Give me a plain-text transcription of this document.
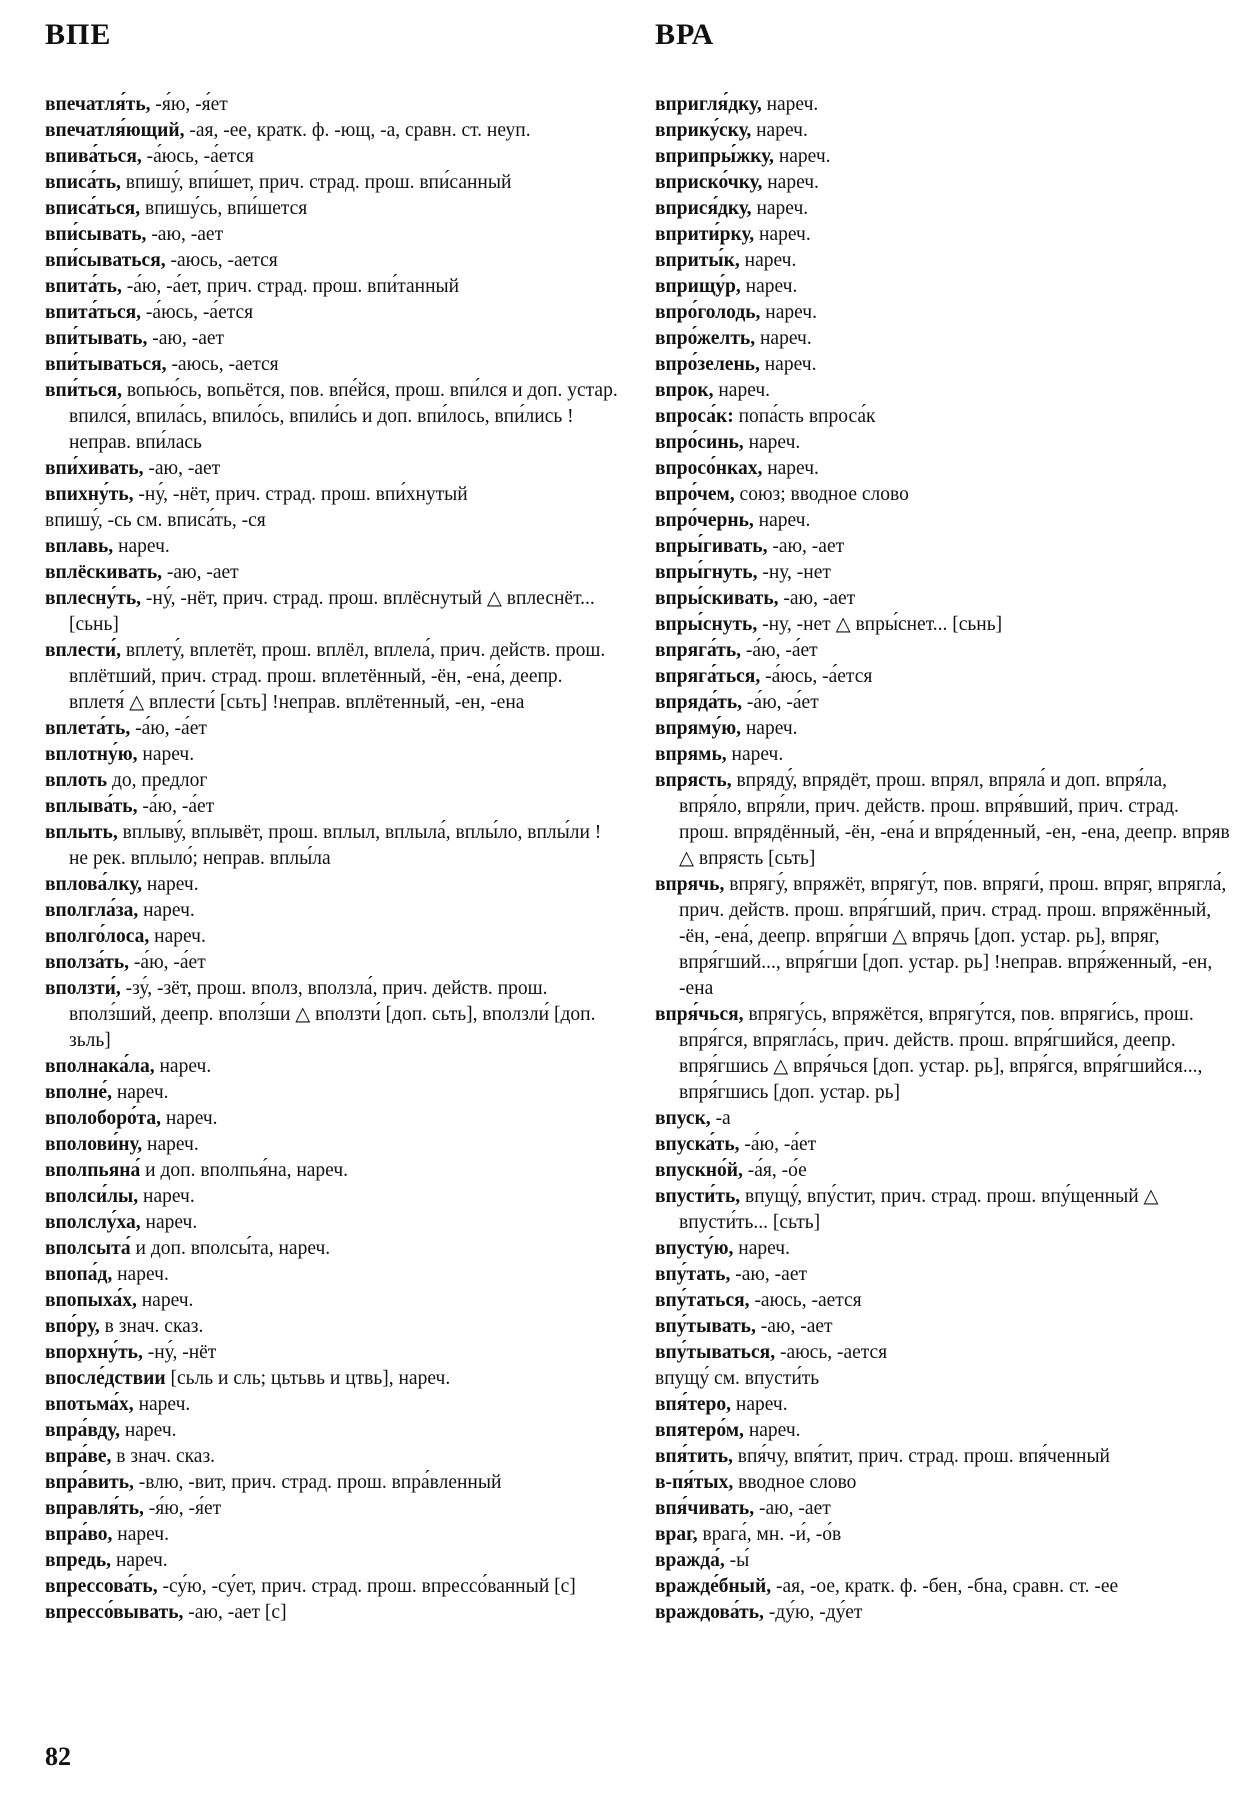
ВПЕ	ВРА

впечатля́ть, -я́ю, -я́ет

впечатля́ющий, -ая, -ее, кратк. ф. -ющ, -а, сравн. ст. неуп.

впива́ться, -а́юсь, -а́ется

вписа́ть, впишу́, впи́шет, прич. страд. прош. впи́санный

вписа́ться, впишу́сь, впи́шется

впи́сывать, -аю, -ает

впи́сываться, -аюсь, -ается

впита́ть, -а́ю, -а́ет, прич. страд. прош. впи́танный

впита́ться, -а́юсь, -а́ется

впи́тывать, -аю, -ает

впи́тываться, -аюсь, -ается

впи́ться, вопью́сь, вопьётся, пов. впе́йся, прош. впи́лся и доп. устар. впился́, впила́сь, впило́сь, впили́сь и доп. впи́лось, впи́лись !неправ. впи́лась

впи́хивать, -аю, -ает

впихну́ть, -ну́, -нёт, прич. страд. прош. впи́хнутый

впишу́, -сь см. вписа́ть, -ся

вплавь, нареч.

вплёскивать, -аю, -ает

вплесну́ть, -ну́, -нёт, прич. страд. прош. вплёснутый △ вплеснёт... [сьнь]

вплести́, вплету́, вплетёт, прош. вплёл, вплела́, прич. действ. прош. вплётший, прич. страд. прош. вплетённый, -ён, -ена́, деепр. вплетя́ △ вплести́ [сьть] !неправ. вплётенный, -ен, -ена

вплета́ть, -а́ю, -а́ет

вплотну́ю, нареч.

вплоть до, предлог

вплыва́ть, -а́ю, -а́ет

вплыть, вплыву́, вплывёт, прош. вплыл, вплыла́, вплы́ло, вплы́ли !не рек. вплыло́; неправ. вплы́ла

вплова́лку, нареч.

вполгла́за, нареч.

вполго́лоса, нареч.

вполза́ть, -а́ю, -а́ет

вползти́, -зу́, -зёт, прош. вполз, вползла́, прич. действ. прош. вполз́ший, деепр. вполз́ши △ вползти́ [доп. сьть], вползли́ [доп. зьль]

вполнака́ла, нареч.

вполне́, нареч.

вполоборо́та, нареч.

вполови́ну, нареч.

вполпьяна́ и доп. вполпья́на, нареч.

вполси́лы, нареч.

вполслу́ха, нареч.

вполсыта́ и доп. вполсы́та, нареч.

впопа́д, нареч.

впопыха́х, нареч.

впо́ру, в знач. сказ.

впорхну́ть, -ну́, -нёт

впосле́дствии [сьль и сль; цьтьвь и цтвь], нареч.

впотьма́х, нареч.

впра́вду, нареч.

впра́ве, в знач. сказ.

впра́вить, -влю, -вит, прич. страд. прош. впра́вленный

вправля́ть, -я́ю, -я́ет

впра́во, нареч.

впредь, нареч.

впрессова́ть, -су́ю, -су́ет, прич. страд. прош. впрессо́ванный [с]

впрессо́вывать, -аю, -ает [с]

впригля́дку, нареч.

вприку́ску, нареч.

вприпры́жку, нареч.

вприско́чку, нареч.

вприся́дку, нареч.

вприти́рку, нареч.

вприты́к, нареч.

вприщу́р, нареч.

впро́голодь, нареч.

впро́желть, нареч.

впро́зелень, нареч.

впрок, нареч.

впроса́к: попа́сть впроса́к

впро́синь, нареч.

впросо́нках, нареч.

впро́чем, союз; вводное слово

впро́чернь, нареч.

впры́гивать, -аю, -ает

впры́гнуть, -ну, -нет

впры́скивать, -аю, -ает

впры́снуть, -ну, -нет △ впры́снет... [сьнь]

впряга́ть, -а́ю, -а́ет

впряга́ться, -а́юсь, -а́ется

впряда́ть, -а́ю, -а́ет

впряму́ю, нареч.

впрямь, нареч.

впрясть, впряду́, впрядёт, прош. впрял, впряла́ и доп. впря́ла, впря́ло, впря́ли, прич. действ. прош. впря́вший, прич. страд. прош. впрядённый, -ён, -ена́ и впря́денный, -ен, -ена, деепр. впряв △ впрясть [сьть]

впрячь, впрягу́, впряжёт, впрягу́т, пов. впряги́, прош. впряг, впрягла́, прич. действ. прош. впря́гший, прич. страд. прош. впряжённый, -ён, -ена́, деепр. впря́гши △ впрячь [доп. устар. рь], впряг, впря́гший..., впря́гши [доп. устар. рь] !неправ. впря́женный, -ен, -ена

впря́чься, впрягу́сь, впряжётся, впрягу́тся, пов. впряги́сь, прош. впря́гся, впрягла́сь, прич. действ. прош. впря́гшийся, деепр. впря́гшись △ впря́чься [доп. устар. рь], впря́гся, впря́гшийся..., впря́гшись [доп. устар. рь]

впуск, -а

впуска́ть, -а́ю, -а́ет

впускно́й, -а́я, -о́е

впусти́ть, впущу́, впу́стит, прич. страд. прош. впу́щенный △ впусти́ть... [сьть]

впусту́ю, нареч.

впу́тать, -аю, -ает

впу́таться, -аюсь, -ается

впу́тывать, -аю, -ает

впу́тываться, -аюсь, -ается

впущу́ см. впусти́ть

впя́теро, нареч.

впятеро́м, нареч.

впя́тить, впя́чу, впя́тит, прич. страд. прош. впя́ченный

в-пя́тых, вводное слово

впя́чивать, -аю, -ает

враг, врага́, мн. -и́, -о́в

вражда́, -ы́

вражде́бный, -ая, -ое, кратк. ф. -бен, -бна, сравн. ст. -ее

враждова́ть, -ду́ю, -ду́ет

82
